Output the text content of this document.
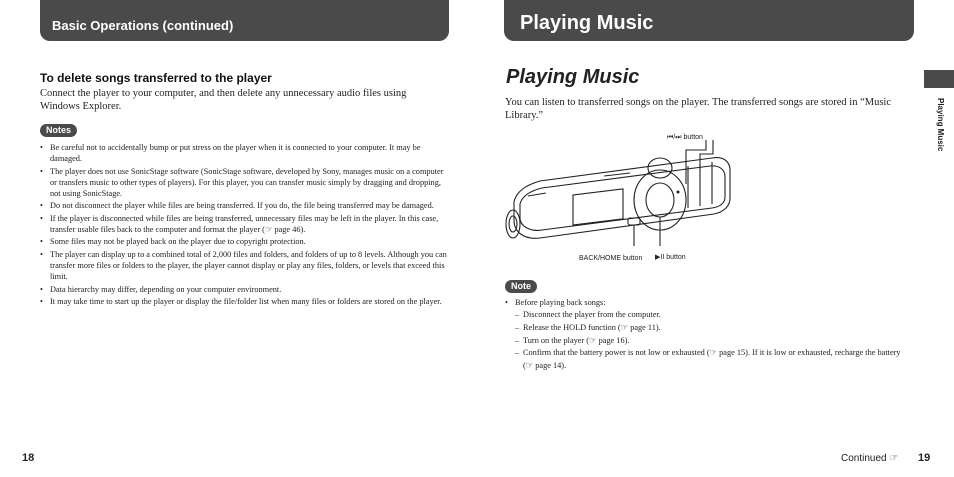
Basic Operations (continued)
To delete songs transferred to the player
Connect the player to your computer, and then delete any unnecessary audio files using Windows Explorer.
Notes
• Be careful not to accidentally bump or put stress on the player when it is connected to your computer. It may be damaged.
• The player does not use SonicStage software (SonicStage software, developed by Sony, manages music on a computer or transfers music to other types of players). For this player, you can transfer music simply by dragging and dropping, not using SonicStage.
• Do not disconnect the player while files are being transferred. If you do, the file being transferred may be damaged.
• If the player is disconnected while files are being transferred, unnecessary files may be left in the player. In this case, transfer usable files back to the computer and format the player (☞ page 46).
• Some files may not be played back on the player due to copyright protection.
• The player can display up to a combined total of 2,000 files and folders, and folders of up to 8 levels. Although you can transfer more files or folders to the player, the player cannot display or play any files, folders, or levels that exceed this limit.
• Data hierarchy may differ, depending on your computer environment.
• It may take time to start up the player or display the file/folder list when many files or folders are stored on the player.
18
Playing Music
Playing Music
You can listen to transferred songs on the player. The transferred songs are stored in “Music Library.”
⏮/⏭ button
BACK/HOME button ▶II button
Note
• Before playing back songs:
– Disconnect the player from the computer.
– Release the HOLD function (☞ page 11).
– Turn on the player (☞ page 16).
– Confirm that the battery power is not low or exhausted (☞ page 15). If it is low or exhausted, recharge the battery (☞ page 14).
Playing Music
Continued ☞ 19
